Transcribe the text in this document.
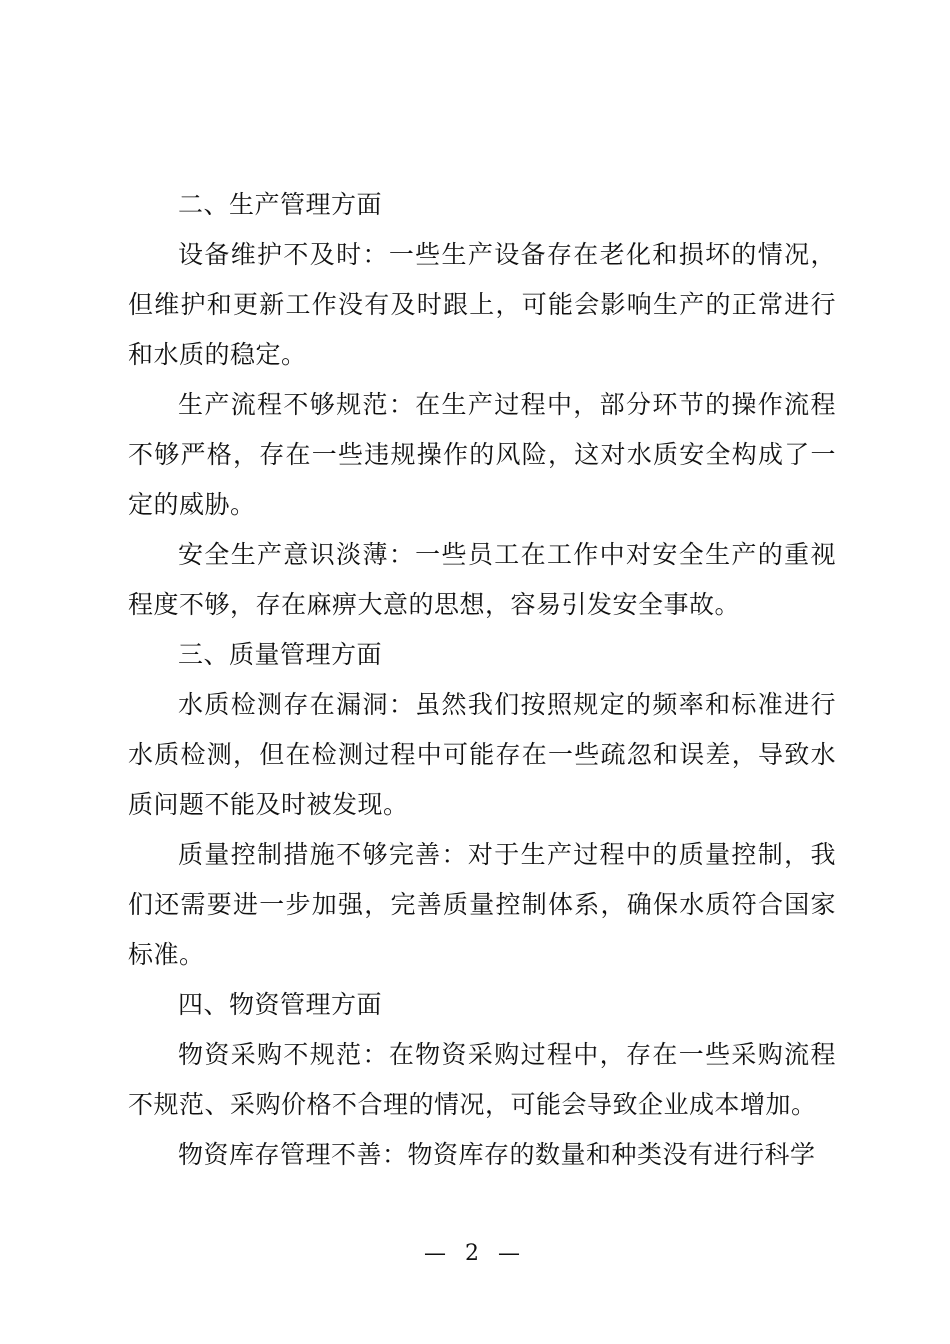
二、生产管理方面

设备维护不及时：一些生产设备存在老化和损坏的情况，但维护和更新工作没有及时跟上，可能会影响生产的正常进行和水质的稳定。

生产流程不够规范：在生产过程中，部分环节的操作流程不够严格，存在一些违规操作的风险，这对水质安全构成了一定的威胁。

安全生产意识淡薄：一些员工在工作中对安全生产的重视程度不够，存在麻痹大意的思想，容易引发安全事故。

三、质量管理方面

水质检测存在漏洞：虽然我们按照规定的频率和标准进行水质检测，但在检测过程中可能存在一些疏忽和误差，导致水质问题不能及时被发现。

质量控制措施不够完善：对于生产过程中的质量控制，我们还需要进一步加强，完善质量控制体系，确保水质符合国家标准。

四、物资管理方面

物资采购不规范：在物资采购过程中，存在一些采购流程不规范、采购价格不合理的情况，可能会导致企业成本增加。

物资库存管理不善：物资库存的数量和种类没有进行科学

— 2 —
